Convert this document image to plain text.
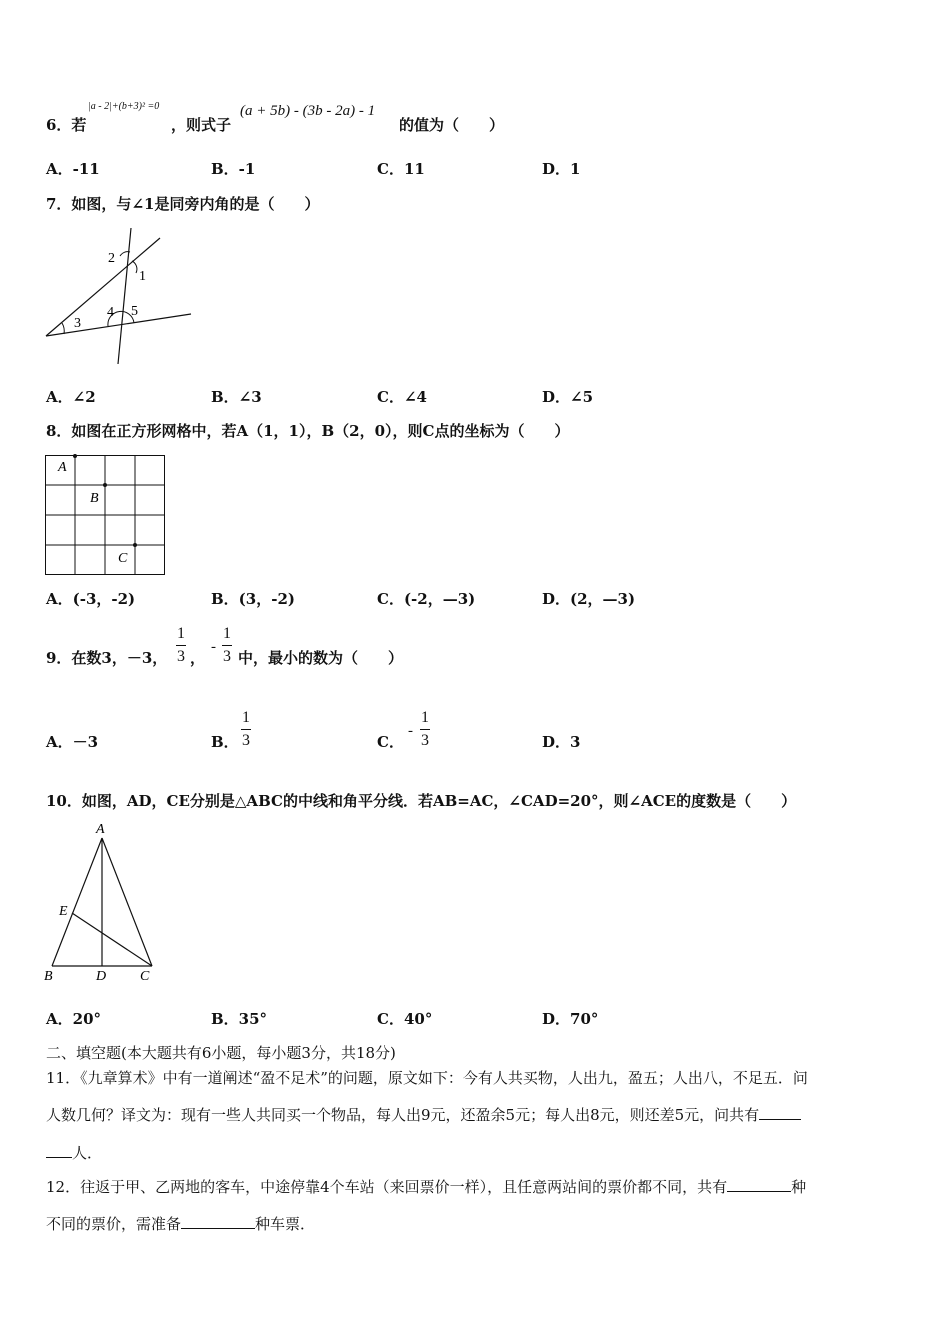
6．若
|a - 2|+(b+3)² =0
，则式子
(a + 5b) - (3b - 2a) - 1
的值为（　　）
A．-11	B．-1	C．11	D．1
7．如图，与∠1是同旁内角的是（　　）
2
1
3
4 5
A．∠2	B．∠3	C．∠4	D．∠5
8．如图在正方形网格中，若A（1，1），B（2，0），则C点的坐标为（　　）
A
B
C
A．(-3，-2)	B．(3，-2)	C．(-2，—3)	D．(2，—3)
9．在数3，－3，
1
3 ，
-
1
3 中，最小的数为（　　）
A．－3	B．
1
3	C．
-
1
3	D．3
10．如图，AD，CE分别是△ABC的中线和角平分线．若AB=AC，∠CAD=20°，则∠ACE的度数是（　　）
A
E
B	D C
A．20°	B．35°	C．40°	D．70°
二、填空题(本大题共有6小题，每小题3分，共18分)
11．《九章算术》中有一道阐述“盈不足术”的问题，原文如下：今有人共买物，人出九，盈五；人出八，不足五．问
人数几何？译文为：现有一些人共同买一个物品，每人出9元，还盈余5元；每人出8元，则还差5元，问共有
人．
12．往返于甲、乙两地的客车，中途停靠4个车站（来回票价一样），且任意两站间的票价都不同，共有	种
不同的票价，需准备	种车票．
